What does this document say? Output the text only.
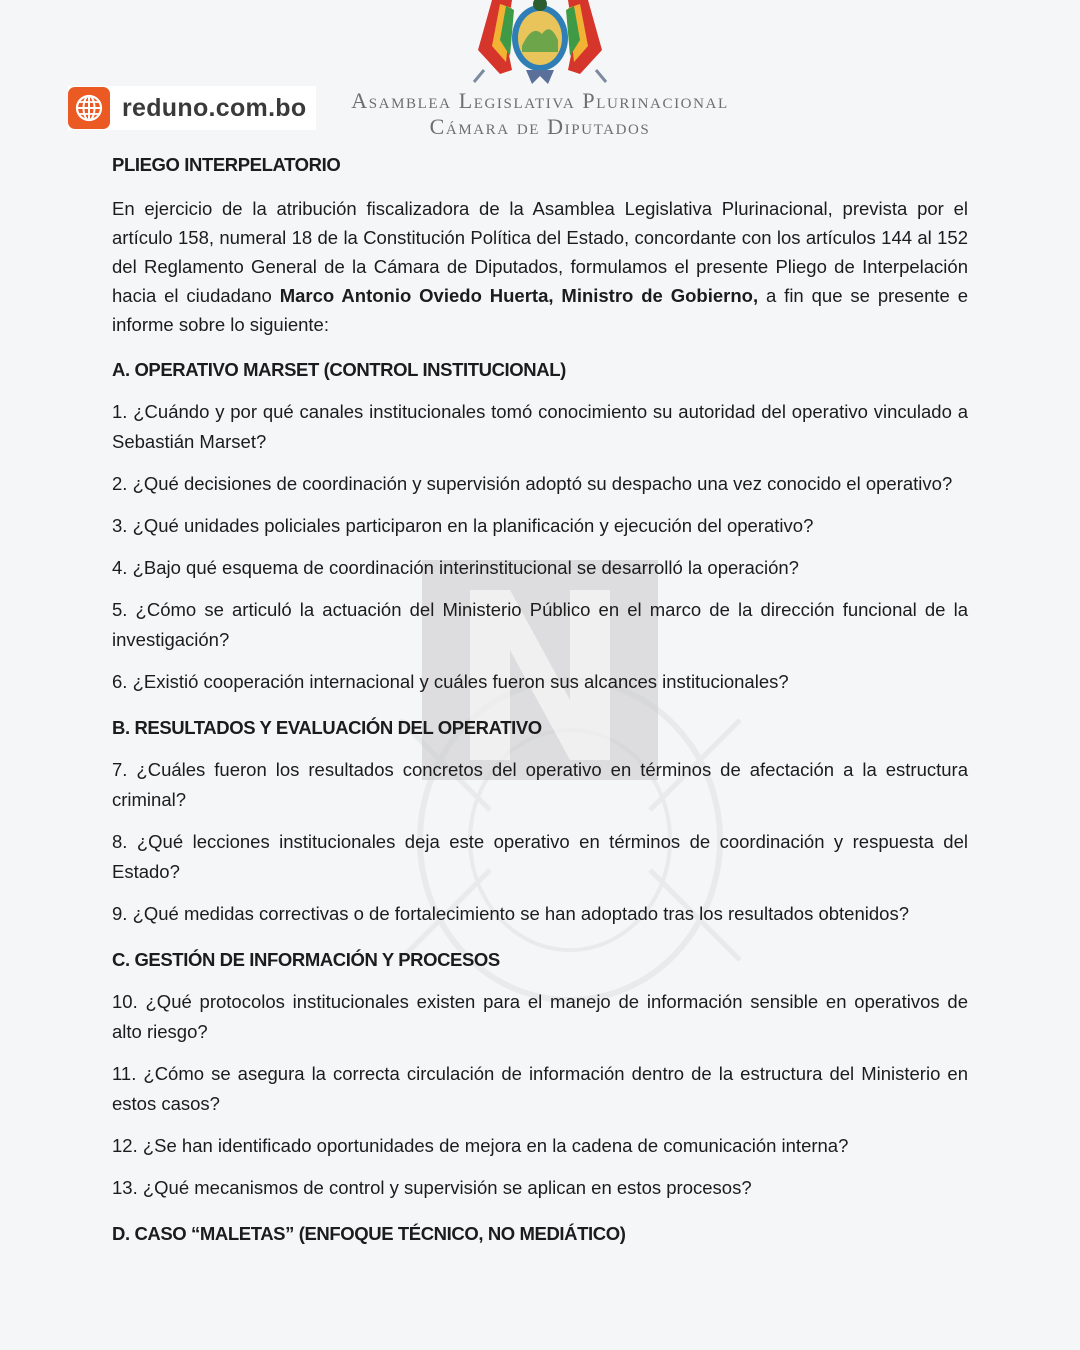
reduno.com.bo	Asamblea Legislativa Plurinacional
Cámara de Diputados

PLIEGO INTERPELATORIO

En ejercicio de la atribución fiscalizadora de la Asamblea Legislativa Plurinacional, prevista por el artículo 158, numeral 18 de la Constitución Política del Estado, concordante con los artículos 144 al 152 del Reglamento General de la Cámara de Diputados, formulamos el presente Pliego de Interpelación hacia el ciudadano Marco Antonio Oviedo Huerta, Ministro de Gobierno, a fin que se presente e informe sobre lo siguiente:

A. OPERATIVO MARSET (CONTROL INSTITUCIONAL)

1. ¿Cuándo y por qué canales institucionales tomó conocimiento su autoridad del operativo vinculado a Sebastián Marset?

2. ¿Qué decisiones de coordinación y supervisión adoptó su despacho una vez conocido el operativo?

3. ¿Qué unidades policiales participaron en la planificación y ejecución del operativo?

4. ¿Bajo qué esquema de coordinación interinstitucional se desarrolló la operación?

5. ¿Cómo se articuló la actuación del Ministerio Público en el marco de la dirección funcional de la investigación?

6. ¿Existió cooperación internacional y cuáles fueron sus alcances institucionales?

B. RESULTADOS Y EVALUACIÓN DEL OPERATIVO

7. ¿Cuáles fueron los resultados concretos del operativo en términos de afectación a la estructura criminal?

8. ¿Qué lecciones institucionales deja este operativo en términos de coordinación y respuesta del Estado?

9. ¿Qué medidas correctivas o de fortalecimiento se han adoptado tras los resultados obtenidos?

C. GESTIÓN DE INFORMACIÓN Y PROCESOS

10. ¿Qué protocolos institucionales existen para el manejo de información sensible en operativos de alto riesgo?

11. ¿Cómo se asegura la correcta circulación de información dentro de la estructura del Ministerio en estos casos?

12. ¿Se han identificado oportunidades de mejora en la cadena de comunicación interna?

13. ¿Qué mecanismos de control y supervisión se aplican en estos procesos?

D. CASO “MALETAS” (ENFOQUE TÉCNICO, NO MEDIÁTICO)
